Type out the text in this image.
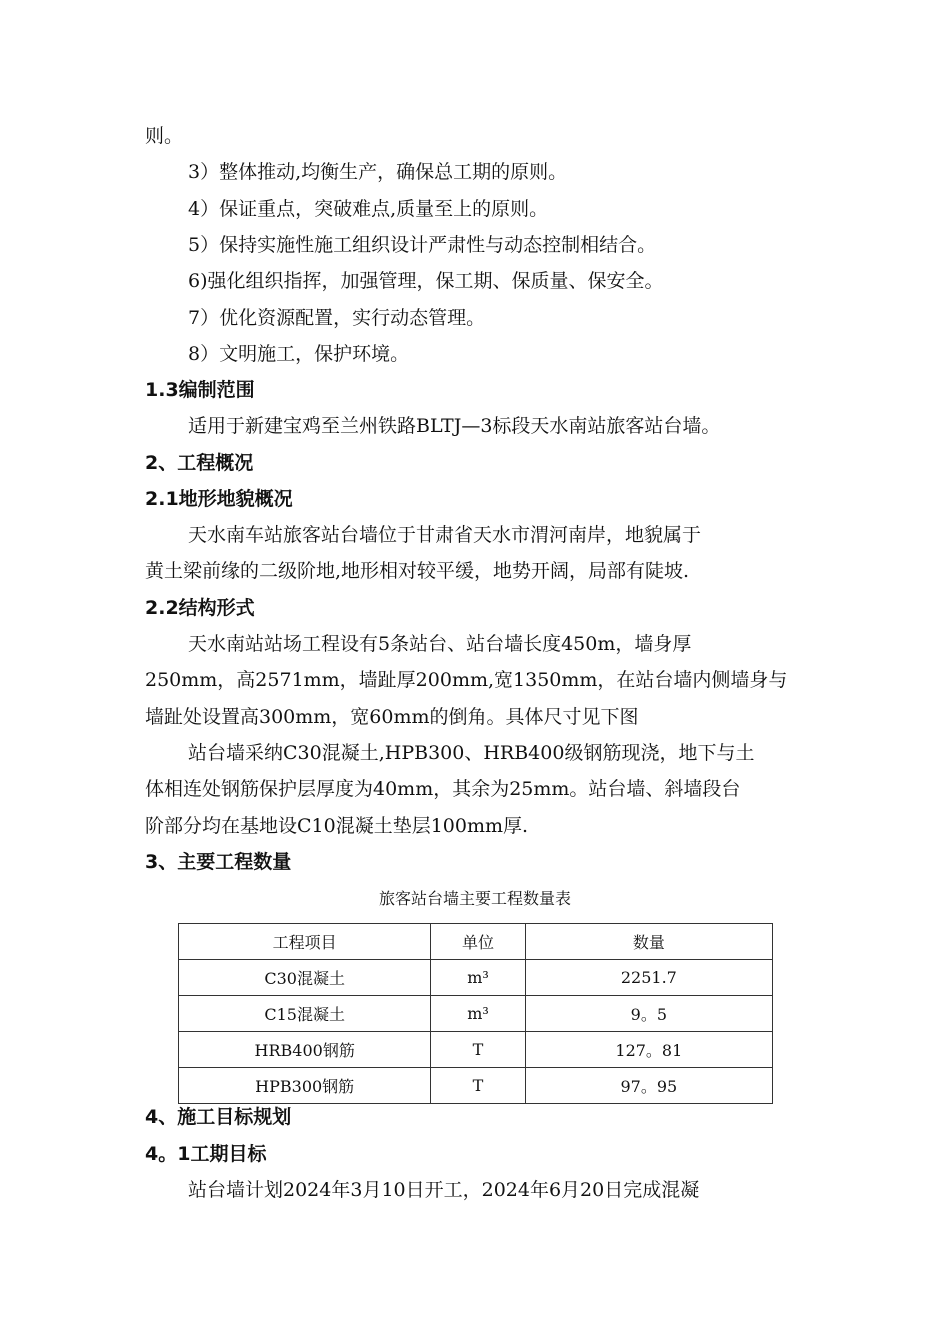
则。
3）整体推动,均衡生产，确保总工期的原则。
4）保证重点，突破难点,质量至上的原则。
5）保持实施性施工组织设计严肃性与动态控制相结合。
6)强化组织指挥，加强管理，保工期、保质量、保安全。
7）优化资源配置，实行动态管理。
8）文明施工，保护环境。
1.3编制范围
适用于新建宝鸡至兰州铁路BLTJ—3标段天水南站旅客站台墙。
2、工程概况
2.1地形地貌概况
天水南车站旅客站台墙位于甘肃省天水市渭河南岸，地貌属于
黄土梁前缘的二级阶地,地形相对较平缓，地势开阔，局部有陡坡.
2.2结构形式
天水南站站场工程设有5条站台、站台墙长度450m，墙身厚
250mm，高2571mm，墙趾厚200mm,宽1350mm，在站台墙内侧墙身与
墙趾处设置高300mm，宽60mm的倒角。具体尺寸见下图
站台墙采纳C30混凝土,HPB300、HRB400级钢筋现浇，地下与土
体相连处钢筋保护层厚度为40mm，其余为25mm。站台墙、斜墙段台
阶部分均在基地设C10混凝土垫层100mm厚.
3、主要工程数量
旅客站台墙主要工程数量表
工程项目	单位	数量
C30混凝土	m³	2251.7
C15混凝土	m³	9。5
HRB400钢筋	T	127。81
HPB300钢筋	T	97。95
4、施工目标规划
4。1工期目标
站台墙计划2024年3月10日开工，2024年6月20日完成混凝
